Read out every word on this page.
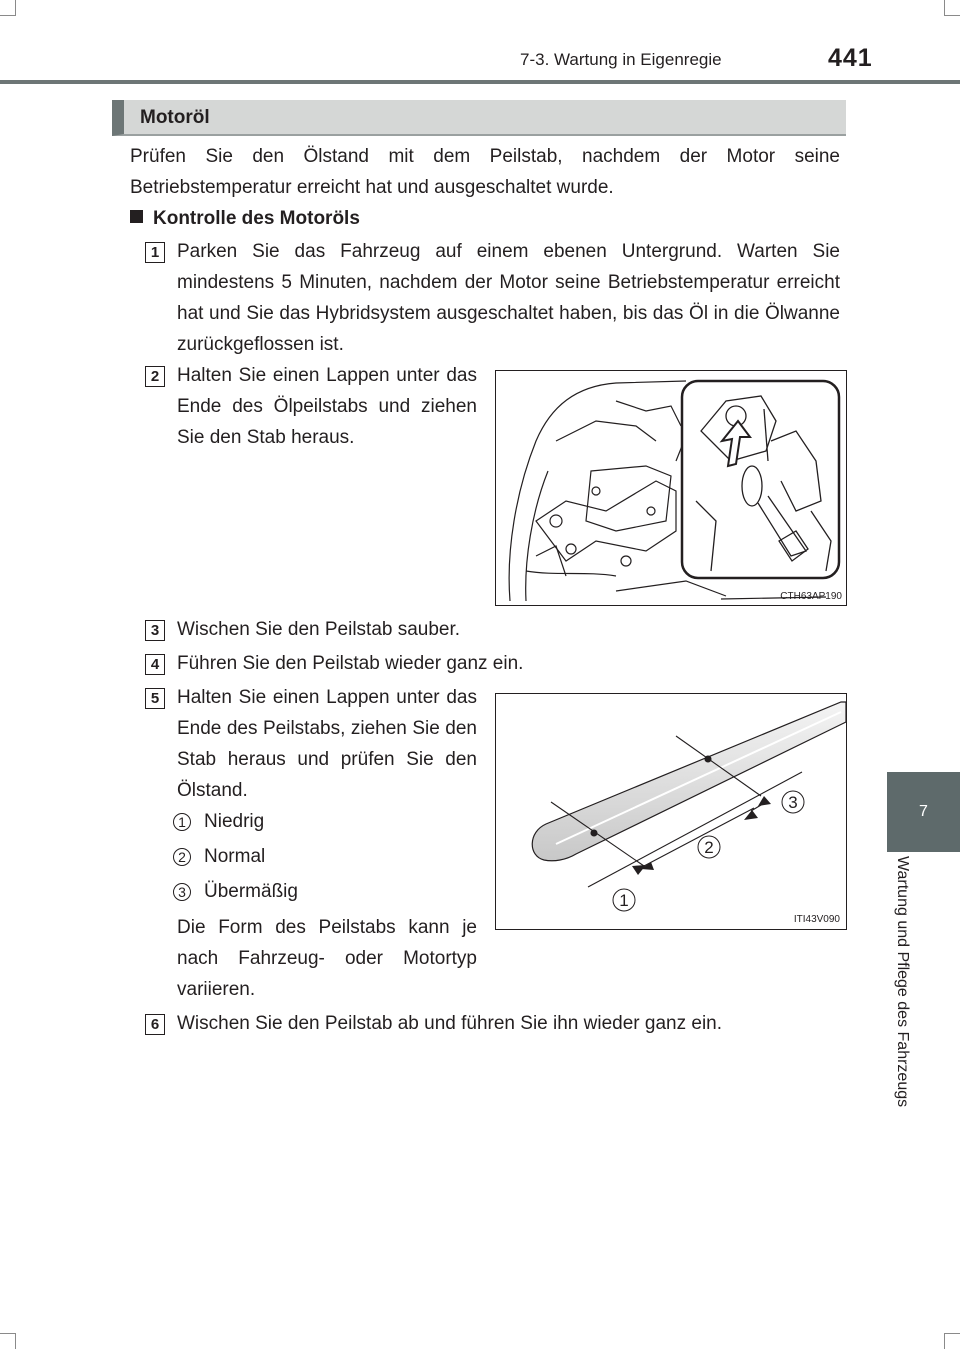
7-3. Wartung in Eigenregie	441
7
Wartung und Pflege des Fahrzeugs
Motoröl
Prüfen Sie den Ölstand mit dem Peilstab, nachdem der Motor seine Betriebstemperatur erreicht hat und ausgeschaltet wurde.
Kontrolle des Motoröls
1 Parken Sie das Fahrzeug auf einem ebenen Untergrund. Warten Sie mindestens 5 Minuten, nachdem der Motor seine Betriebstemperatur erreicht hat und Sie das Hybridsystem ausgeschaltet haben, bis das Öl in die Ölwanne zurückgeflossen ist.
2 Halten Sie einen Lappen unter das Ende des Ölpeilstabs und ziehen Sie den Stab heraus.
CTH63AP190
3 Wischen Sie den Peilstab sauber.
4 Führen Sie den Peilstab wieder ganz ein.
5 Halten Sie einen Lappen unter das Ende des Peilstabs, ziehen Sie den Stab heraus und prüfen Sie den Ölstand.
1 Niedrig
2 Normal
3 Übermäßig
Die Form des Peilstabs kann je nach Fahrzeug- oder Motortyp variieren.
1
2
3
ITI43V090
6 Wischen Sie den Peilstab ab und führen Sie ihn wieder ganz ein.
